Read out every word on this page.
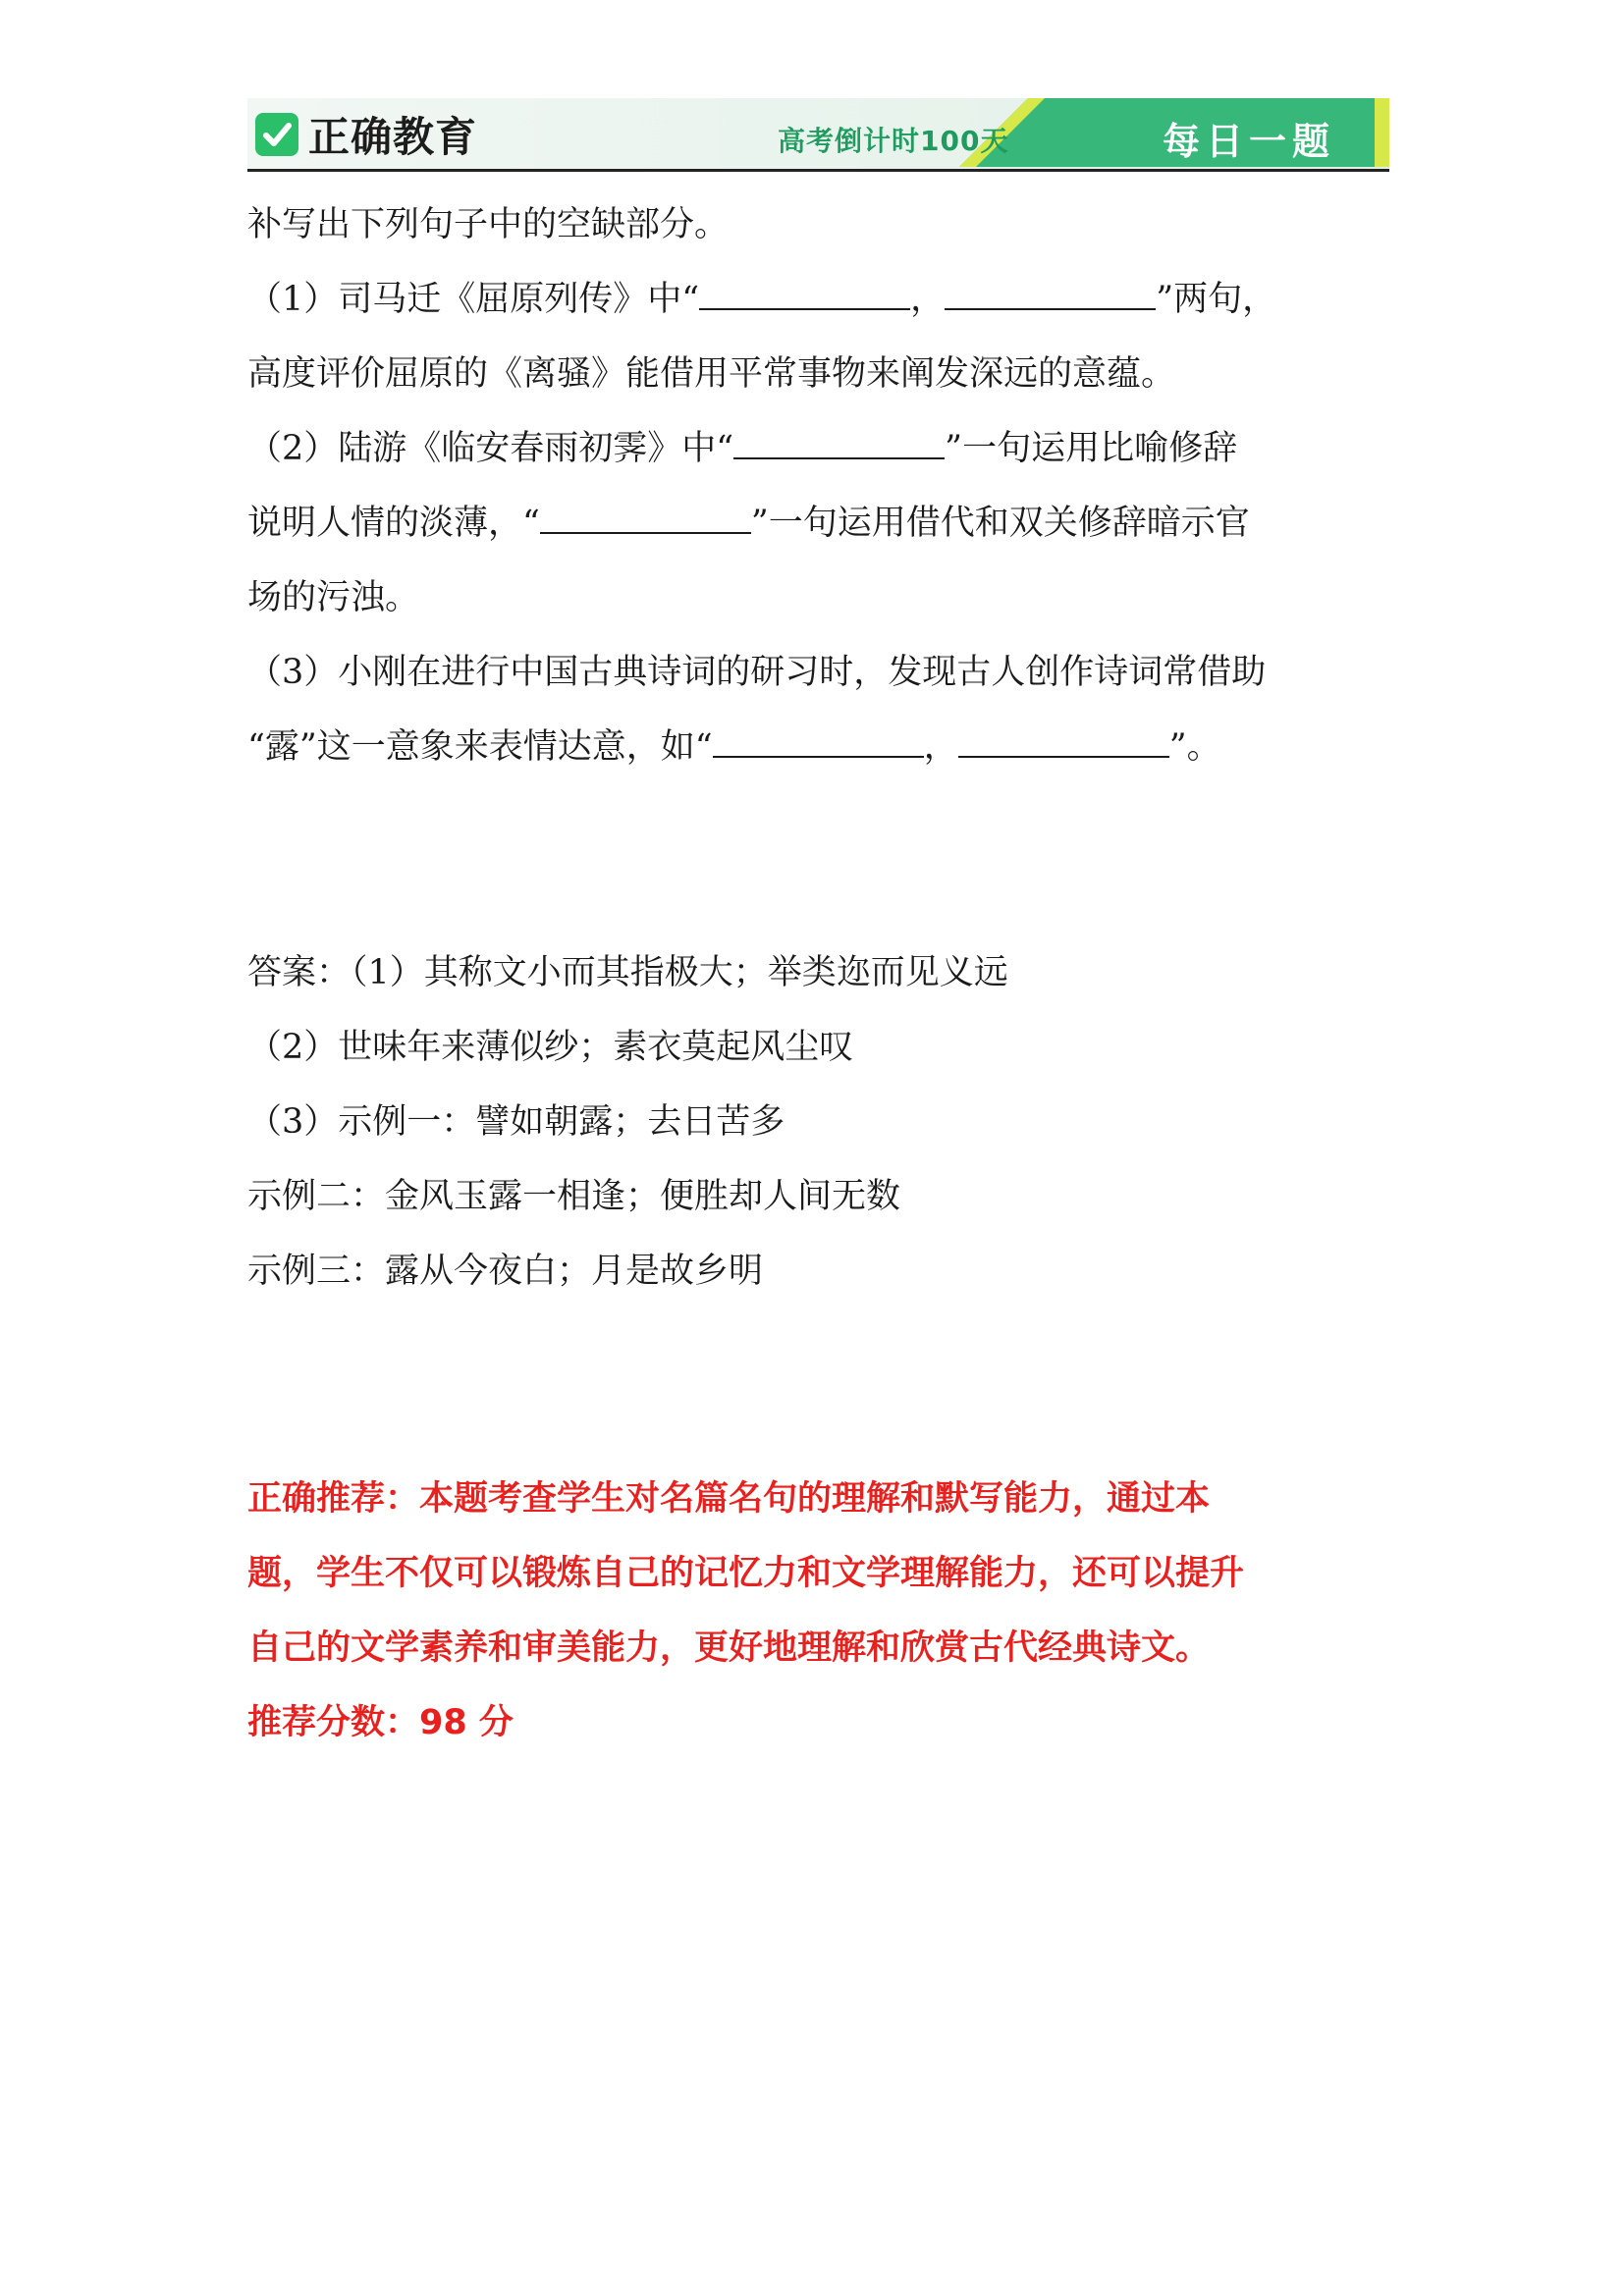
正确教育	高考倒计时100天	每日一题
补写出下列句子中的空缺部分。
（1）司马迁《屈原列传》中“	，	”两句，
高度评价屈原的《离骚》能借用平常事物来阐发深远的意蕴。
（2）陆游《临安春雨初霁》中“	”一句运用比喻修辞
说明人情的淡薄，“	”一句运用借代和双关修辞暗示官
场的污浊。
（3）小刚在进行中国古典诗词的研习时，发现古人创作诗词常借助
“露”这一意象来表情达意，如“	，	”。
答案：（1）其称文小而其指极大；举类迩而见义远
（2）世味年来薄似纱；素衣莫起风尘叹
（3）示例一：譬如朝露；去日苦多
示例二：金风玉露一相逢；便胜却人间无数
示例三：露从今夜白；月是故乡明
正确推荐：本题考查学生对名篇名句的理解和默写能力，通过本
题，学生不仅可以锻炼自己的记忆力和文学理解能力，还可以提升
自己的文学素养和审美能力，更好地理解和欣赏古代经典诗文。
推荐分数：98 分
